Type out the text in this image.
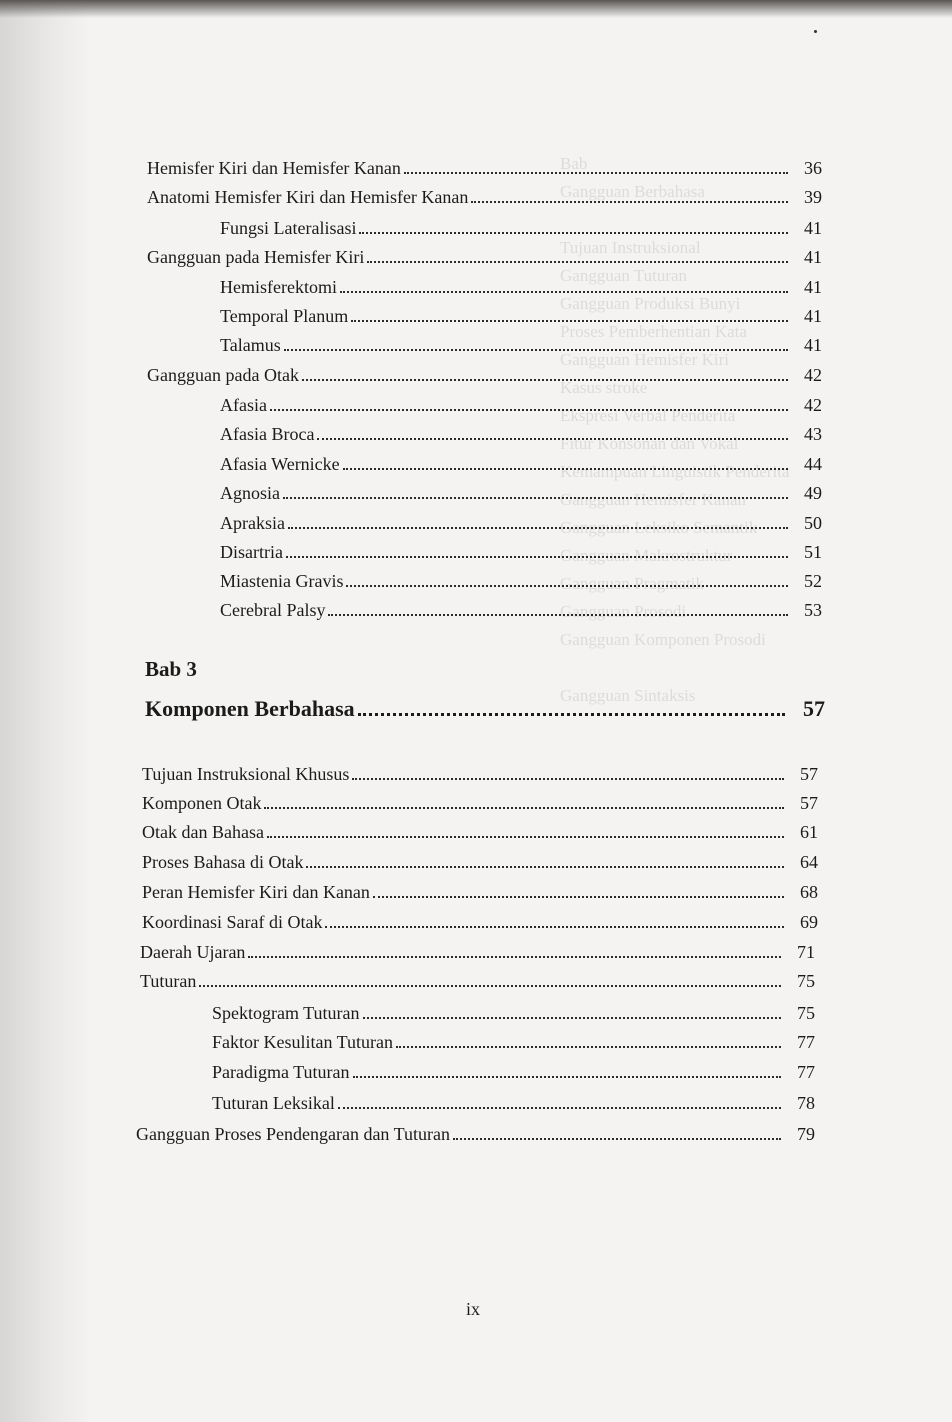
Bab
Gangguan Berbahasa

Tujuan Instruksional
Gangguan Tuturan
Gangguan Produksi Bunyi
Proses Pemberhentian Kata
Gangguan Hemisfer Kiri
Kasus stroke
Ekspresi Verbal Penderita
Fitur Konsonan dan Vokal
Kemampuan Linguistik Penderita
Gangguan Hemisfer Kanan
Gangguan Leksiko Semantik
Gangguan Makrostruktur
Gangguan Pragmatik
Gangguan Prosodi
Gangguan Komponen Prosodi

Gangguan Sintaksis
Hemisfer Kiri dan Hemisfer Kanan	36
Anatomi Hemisfer Kiri dan Hemisfer Kanan	39
Fungsi Lateralisasi	41
Gangguan pada Hemisfer Kiri	41
Hemisferektomi	41
Temporal Planum	41
Talamus	41
Gangguan pada Otak	42
Afasia	42
Afasia Broca	43
Afasia Wernicke	44
Agnosia	49
Apraksia	50
Disartria	51
Miastenia Gravis	52
Cerebral Palsy	53
Bab 3
Komponen Berbahasa	57
Tujuan Instruksional Khusus	57
Komponen Otak	57
Otak dan Bahasa	61
Proses Bahasa di Otak	64
Peran Hemisfer Kiri dan Kanan	68
Koordinasi Saraf di Otak	69
Daerah Ujaran	71
Tuturan	75
Spektogram Tuturan	75
Faktor Kesulitan Tuturan	77
Paradigma Tuturan	77
Tuturan Leksikal	78
Gangguan Proses Pendengaran dan Tuturan	79
ix
